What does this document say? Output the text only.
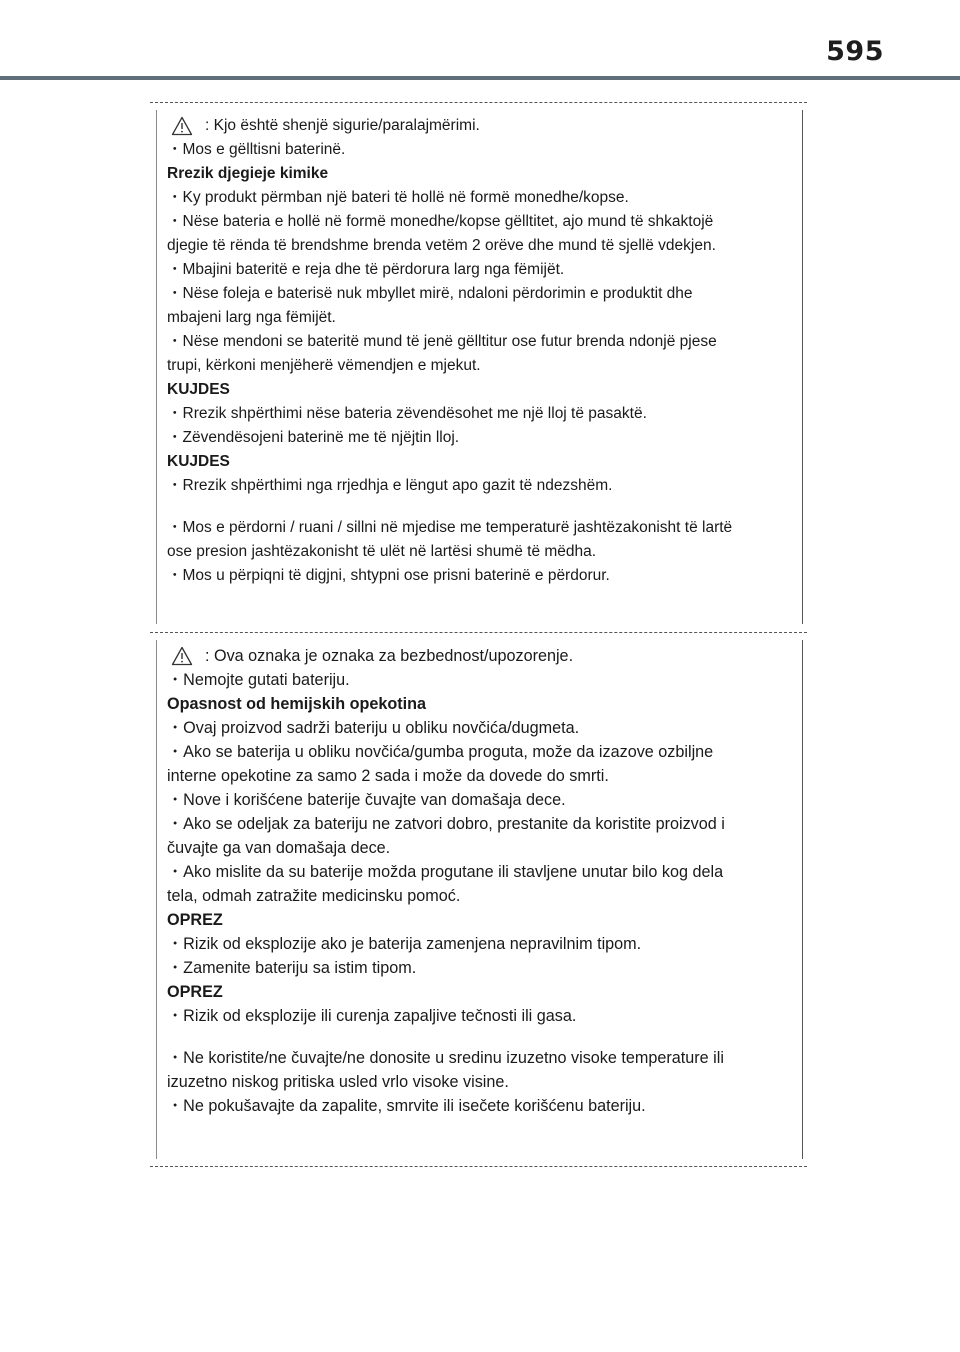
595
: Kjo është shenjë sigurie/paralajmërimi.

・Mos e gëlltisni baterinë.

Rrezik djegieje kimike

・Ky produkt përmban një bateri të hollë në formë monedhe/kopse.

・Nëse bateria e hollë në formë monedhe/kopse gëlltitet, ajo mund të shkaktojë

djegie të rënda të brendshme brenda vetëm 2 orëve dhe mund të sjellë vdekjen.

・Mbajini bateritë e reja dhe të përdorura larg nga fëmijët.

・Nëse foleja e baterisë nuk mbyllet mirë, ndaloni përdorimin e produktit dhe

mbajeni larg nga fëmijët.

・Nëse mendoni se bateritë mund të jenë gëlltitur ose futur brenda ndonjë pjese

trupi, kërkoni menjëherë vëmendjen e mjekut.

KUJDES

・Rrezik shpërthimi nëse bateria zëvendësohet me një lloj të pasaktë.

・Zëvendësojeni baterinë me të njëjtin lloj.

KUJDES

・Rrezik shpërthimi nga rrjedhja e lëngut apo gazit të ndezshëm.

・Mos e përdorni / ruani / sillni në mjedise me temperaturë jashtëzakonisht të lartë

ose presion jashtëzakonisht të ulët në lartësi shumë të mëdha.

・Mos u përpiqni të digjni, shtypni ose prisni baterinë e përdorur.

: Ova oznaka je oznaka za bezbednost/upozorenje.

・Nemojte gutati bateriju.

Opasnost od hemijskih opekotina

・Ovaj proizvod sadrži bateriju u obliku novčića/dugmeta.

・Ako se baterija u obliku novčića/gumba proguta, može da izazove ozbiljne

interne opekotine za samo 2 sada i može da dovede do smrti.

・Nove i korišćene baterije čuvajte van domašaja dece.

・Ako se odeljak za bateriju ne zatvori dobro, prestanite da koristite proizvod i

čuvajte ga van domašaja dece.

・Ako mislite da su baterije možda progutane ili stavljene unutar bilo kog dela

tela, odmah zatražite medicinsku pomoć.

OPREZ

・Rizik od eksplozije ako je baterija zamenjena nepravilnim tipom.

・Zamenite bateriju sa istim tipom.

OPREZ

・Rizik od eksplozije ili curenja zapaljive tečnosti ili gasa.

・Ne koristite/ne čuvajte/ne donosite u sredinu izuzetno visoke temperature ili

izuzetno niskog pritiska usled vrlo visoke visine.

・Ne pokušavajte da zapalite, smrvite ili isečete korišćenu bateriju.
